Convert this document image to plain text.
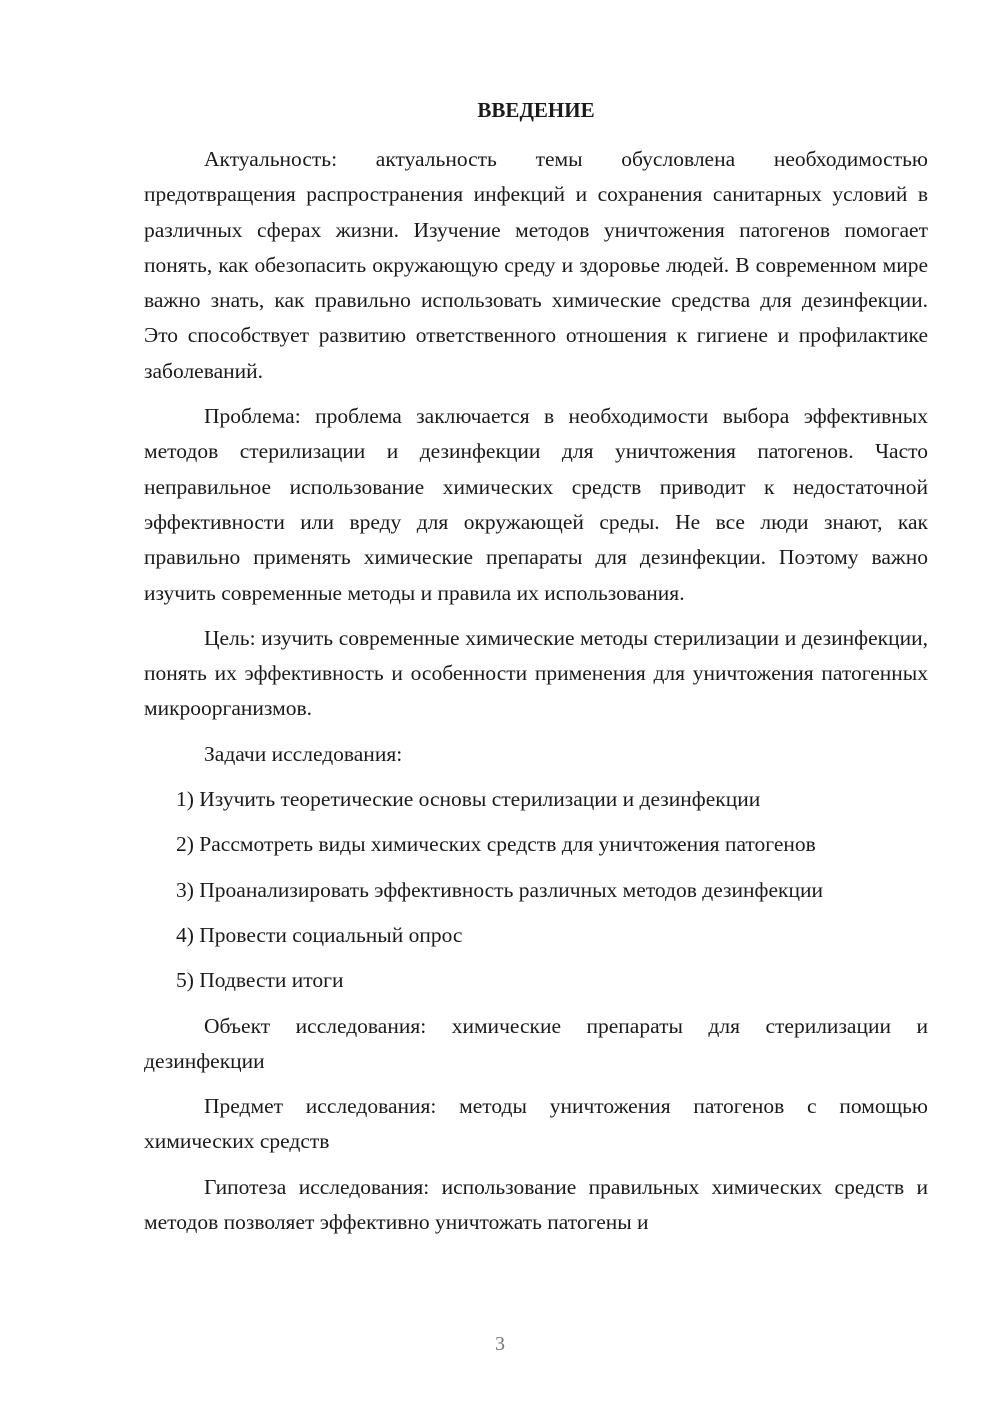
ВВЕДЕНИЕ

Актуальность: актуальность темы обусловлена необходимостью предотвращения распространения инфекций и сохранения санитарных условий в различных сферах жизни. Изучение методов уничтожения патогенов помогает понять, как обезопасить окружающую среду и здоровье людей. В современном мире важно знать, как правильно использовать химические средства для дезинфекции. Это способствует развитию ответственного отношения к гигиене и профилактике заболеваний.

Проблема: проблема заключается в необходимости выбора эффективных методов стерилизации и дезинфекции для уничтожения патогенов. Часто неправильное использование химических средств приводит к недостаточной эффективности или вреду для окружающей среды. Не все люди знают, как правильно применять химические препараты для дезинфекции. Поэтому важно изучить современные методы и правила их использования.

Цель: изучить современные химические методы стерилизации и дезинфекции, понять их эффективность и особенности применения для уничтожения патогенных микроорганизмов.

Задачи исследования:

1) Изучить теоретические основы стерилизации и дезинфекции
2) Рассмотреть виды химических средств для уничтожения патогенов
3) Проанализировать эффективность различных методов дезинфекции
4) Провести социальный опрос
5) Подвести итоги

Объект исследования: химические препараты для стерилизации и дезинфекции

Предмет исследования: методы уничтожения патогенов с помощью химических средств

Гипотеза исследования: использование правильных химических средств и методов позволяет эффективно уничтожать патогены и

3
